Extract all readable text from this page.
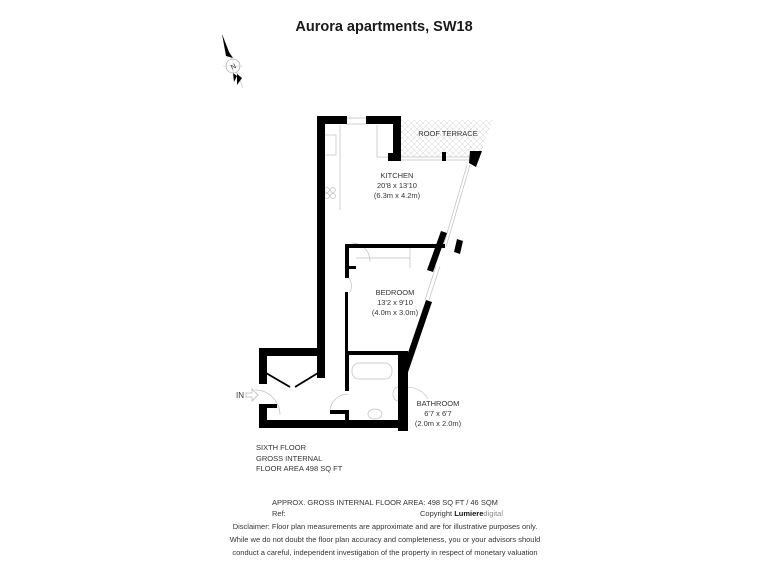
Aurora apartments, SW18
N
ROOF TERRACE
KITCHEN
20'8 x 13'10
(6.3m x 4.2m)
BEDROOM
13'2 x 9'10
(4.0m x 3.0m)
BATHROOM
6'7 x 6'7
(2.0m x 2.0m)
IN
SIXTH FLOOR
GROSS INTERNAL
FLOOR AREA 498 SQ FT
APPROX. GROSS INTERNAL FLOOR AREA: 498 SQ FT / 46 SQM
Ref:	Copyright Lumieredigital
Disclaimer: Floor plan measurements are approximate and are for illustrative purposes only.
While we do not doubt the floor plan accuracy and completeness, you or your advisors should
conduct a careful, independent investigation of the property in respect of monetary valuation
